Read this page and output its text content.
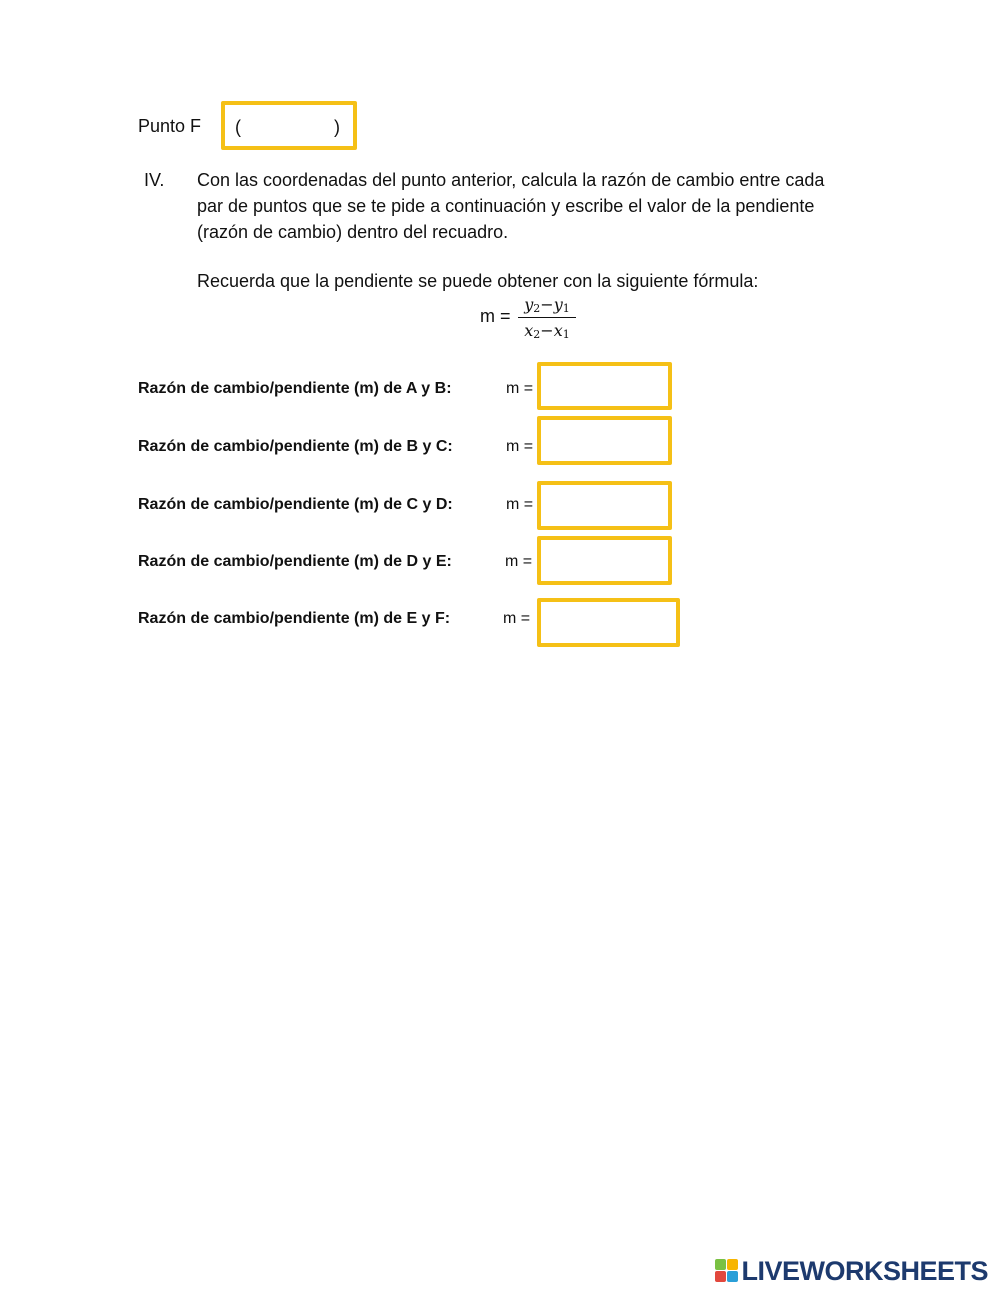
Punto F (	)
IV. Con las coordenadas del punto anterior, calcula la razón de cambio entre cada par de puntos que se te pide a continuación y escribe el valor de la pendiente (razón de cambio) dentro del recuadro.
Recuerda que la pendiente se puede obtener con la siguiente fórmula:
m =
$y_2-y_1$
$x_2-x_1$
Razón de cambio/pendiente (m) de A y B:	m =
Razón de cambio/pendiente (m) de B y C:	m =
Razón de cambio/pendiente (m) de C y D:	m =
Razón de cambio/pendiente (m) de D y E:	m =
Razón de cambio/pendiente (m) de E y F:	m =
LIVEWORKSHEETS
